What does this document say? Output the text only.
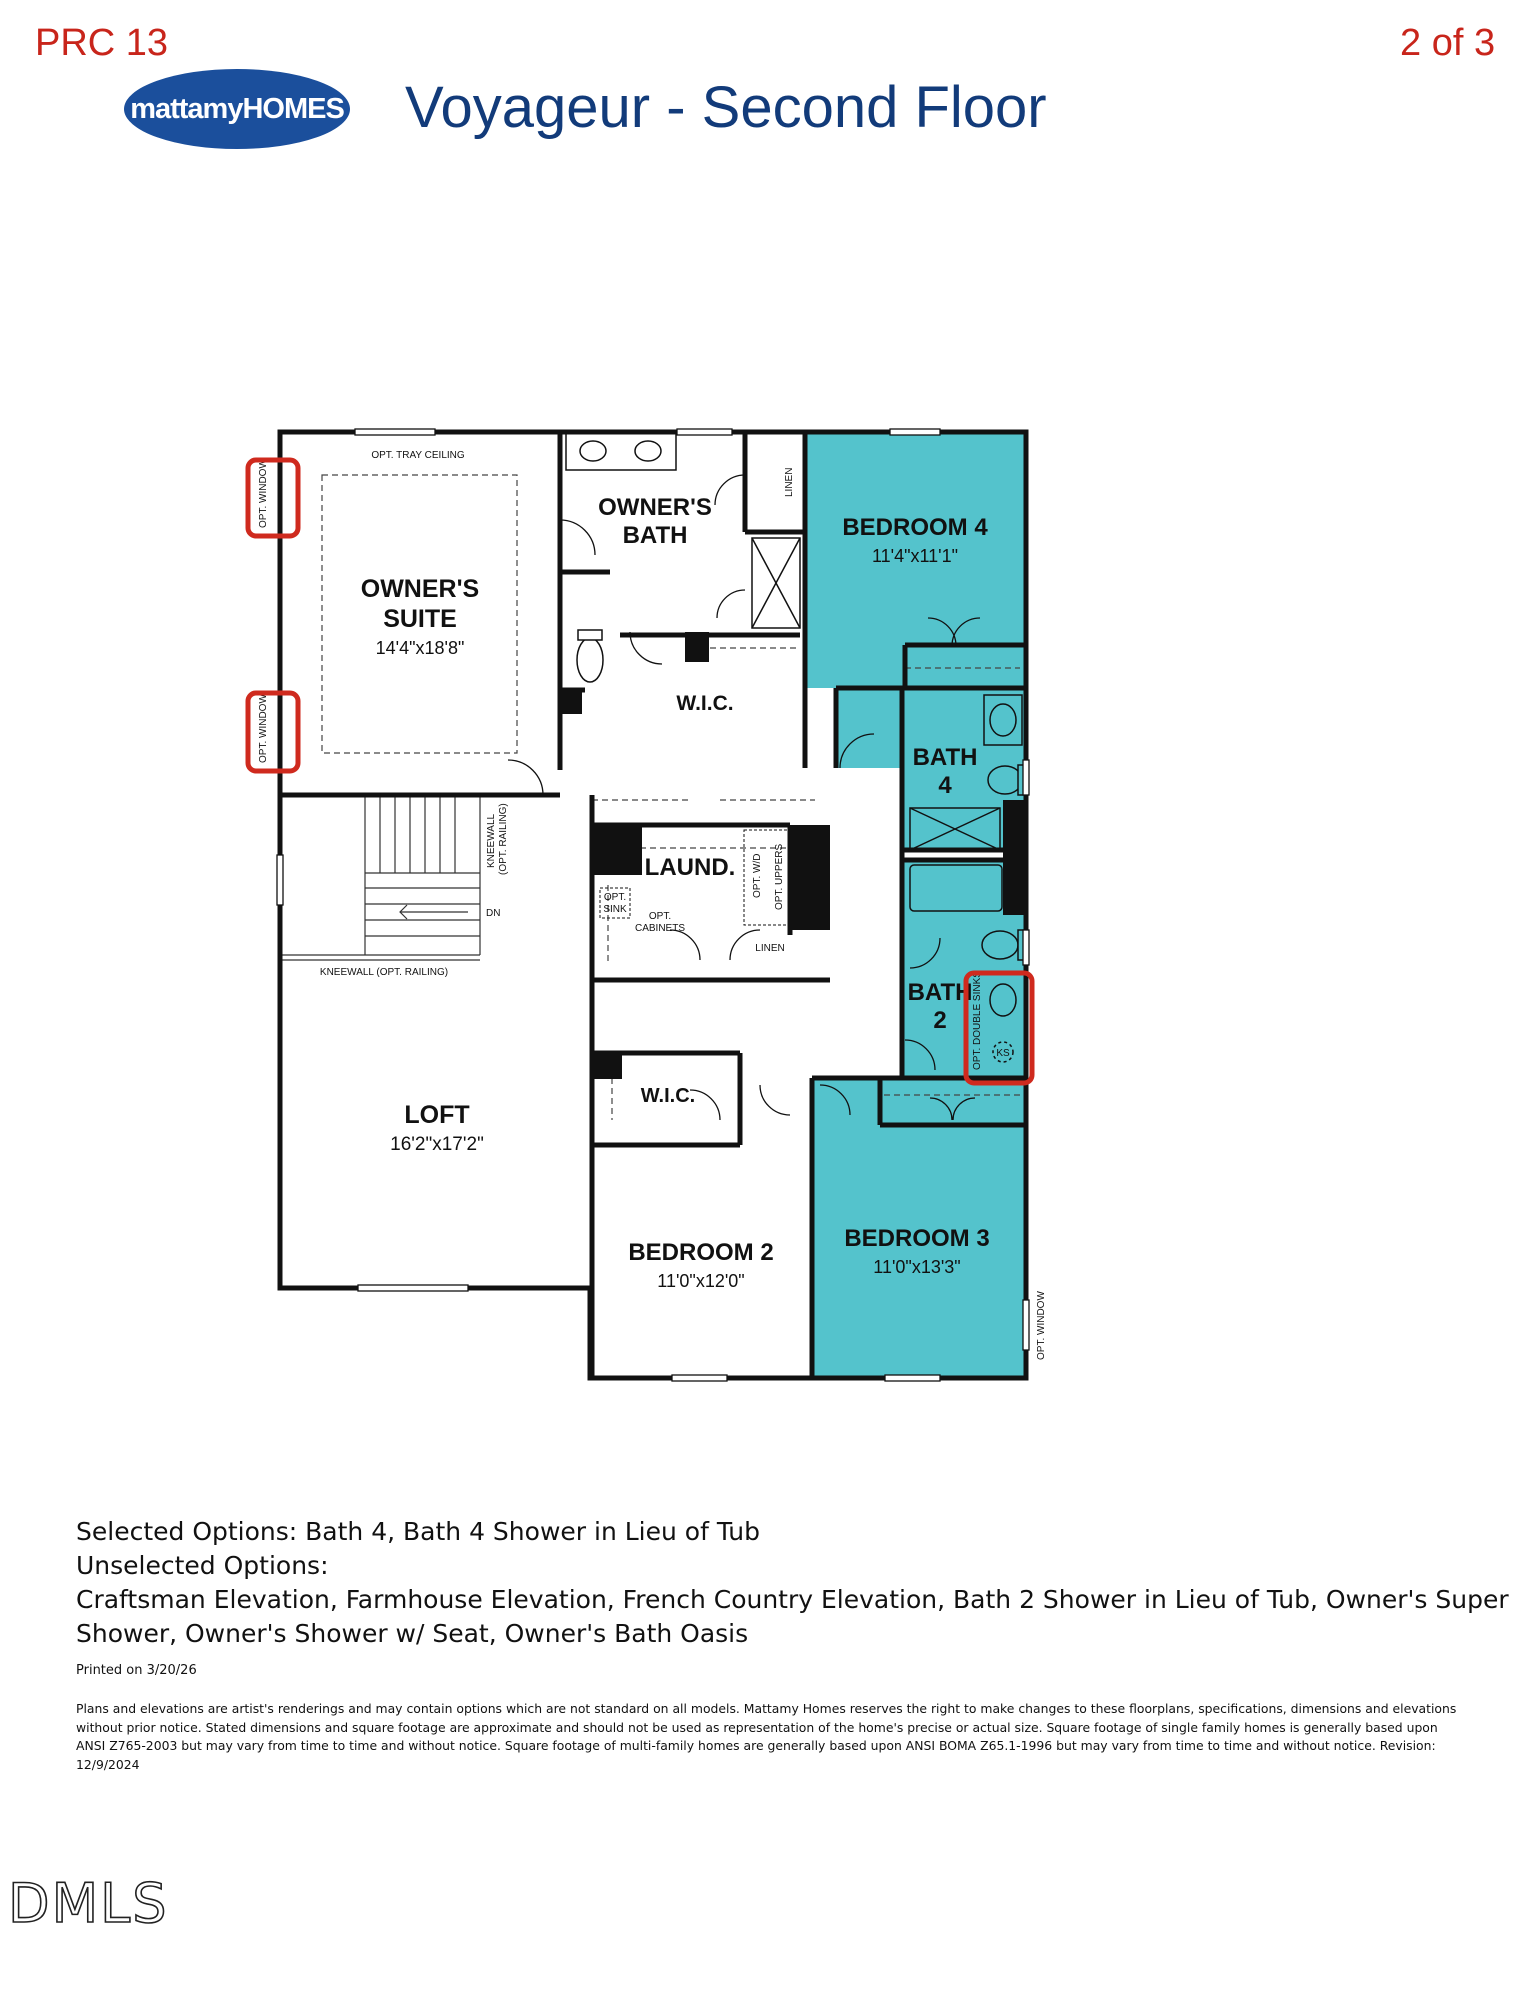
PRC 13	2 of 3
mattamyHOMES Voyageur - Second Floor
OWNER'S
SUITE
14'4"x18'8"
OWNER'S
BATH	BEDROOM 4
11'4"x11'1"
W.I.C.
BATH
4
LAUND.
BATH
2
LOFT
16'2"x17'2"
W.I.C.
BEDROOM 2
11'0"x12'0"
BEDROOM 3
11'0"x13'3"
OPT. TRAY CEILING
OPT. WINDOW
OPT. WINDOW
OPT. WINDOW
LINEN
LINEN
KNEEWALL (OPT. RAILING)
KNEEWALL (OPT. RAILING)
DN
OPT.
SINK
OPT.
CABINETS
OPT. W/D OPT. UPPERS
OPT. DOUBLE SINKS KS
Selected Options: Bath 4, Bath 4 Shower in Lieu of Tub
Unselected Options:
Craftsman Elevation, Farmhouse Elevation, French Country Elevation, Bath 2 Shower in Lieu of Tub, Owner's Super
Shower, Owner's Shower w/ Seat, Owner's Bath Oasis
Printed on 3/20/26
Plans and elevations are artist's renderings and may contain options which are not standard on all models. Mattamy Homes reserves the right to make changes to these floorplans, specifications, dimensions and elevations without prior notice. Stated dimensions and square footage are approximate and should not be used as representation of the home's precise or actual size. Square footage of single family homes is generally based upon ANSI Z765-2003 but may vary from time to time and without notice. Square footage of multi-family homes are generally based upon ANSI BOMA Z65.1-1996 but may vary from time to time and without notice. Revision: 12/9/2024
DMLS
